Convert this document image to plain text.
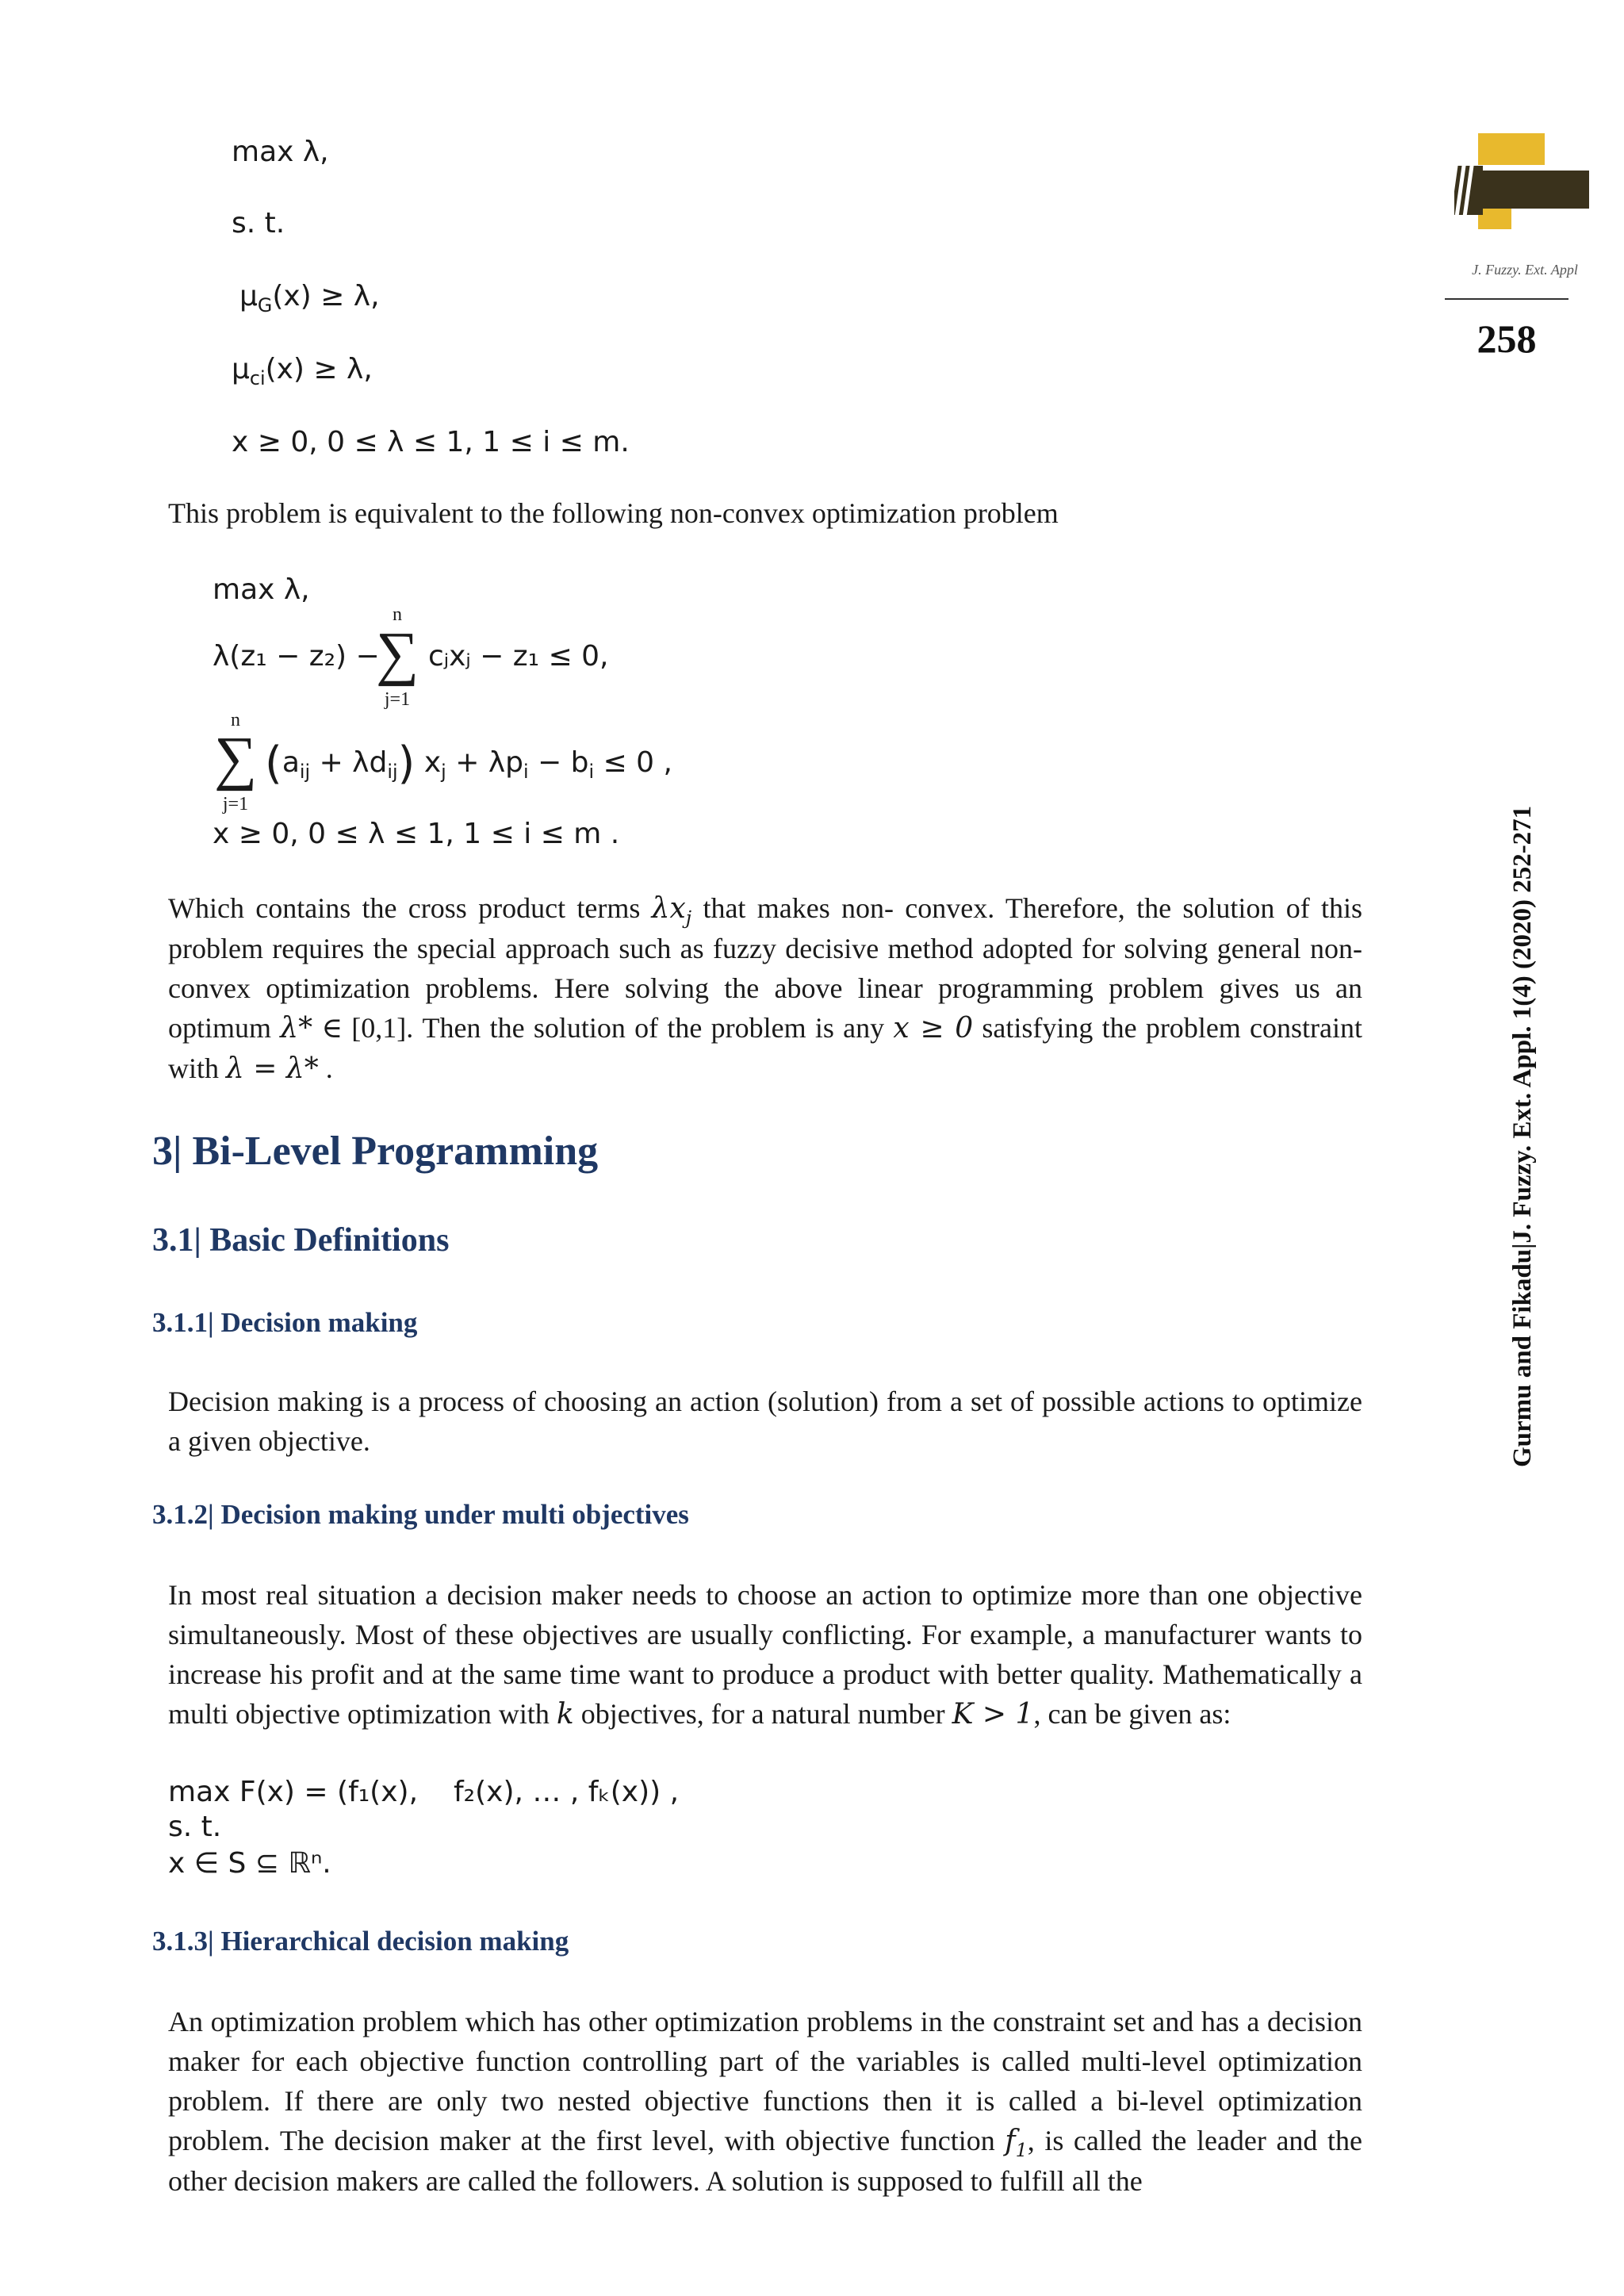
J. Fuzzy. Ext. Appl
258
Gurmu and Fikadu|J. Fuzzy. Ext. Appl. 1(4) (2020) 252-271
max λ,
s. t.
$\mu_G(x) \ge \lambda$,
$\mu_{ci}(x) \ge \lambda$,
x ≥ 0, 0 ≤ λ ≤ 1, 1 ≤ i ≤ m.
This problem is equivalent to the following non-convex optimization problem
max λ,
λ(z₁ − z₂) −
n
∑
j=1
cⱼxⱼ − z₁ ≤ 0,
n
∑
j=1
$(a_{ij} + \lambda d_{ij}) x_j + \lambda p_i - b_i \le 0$ ,
x ≥ 0, 0 ≤ λ ≤ 1, 1 ≤ i ≤ m .
Which contains the cross product terms $\lambda x_j$ that makes non- convex. Therefore, the solution of this problem requires the special approach such as fuzzy decisive method adopted for solving general non-convex optimization problems. Here solving the above linear programming problem gives us an optimum λ* ∈ [0,1]. Then the solution of the problem is any x ≥ 0 satisfying the problem constraint with λ = λ* .
3| Bi-Level Programming
3.1| Basic Definitions
3.1.1| Decision making
Decision making is a process of choosing an action (solution) from a set of possible actions to optimize a given objective.
3.1.2| Decision making under multi objectives
In most real situation a decision maker needs to choose an action to optimize more than one objective simultaneously. Most of these objectives are usually conflicting. For example, a manufacturer wants to increase his profit and at the same time want to produce a product with better quality. Mathematically a multi objective optimization with k objectives, for a natural number K > 1, can be given as:
max F(x) = (f₁(x), f₂(x), … , fₖ(x)) ,
s. t.
x ∈ S ⊆ ℝⁿ.
3.1.3| Hierarchical decision making
An optimization problem which has other optimization problems in the constraint set and has a decision maker for each objective function controlling part of the variables is called multi-level optimization problem. If there are only two nested objective functions then it is called a bi-level optimization problem. The decision maker at the first level, with objective function $f_1$, is called the leader and the other decision makers are called the followers. A solution is supposed to fulfill all the
